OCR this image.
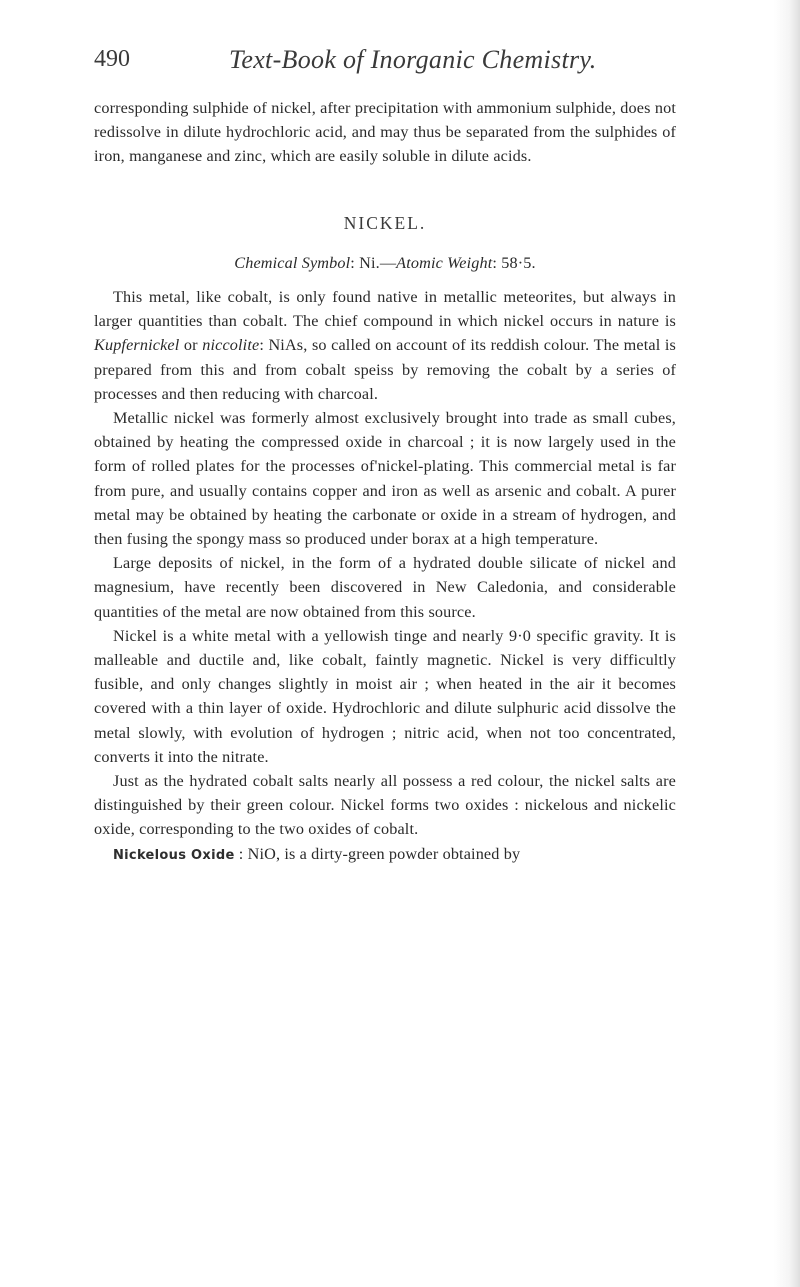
490	Text-Book of Inorganic Chemistry.

corresponding sulphide of nickel, after precipitation with ammonium sulphide, does not redissolve in dilute hydrochloric acid, and may thus be separated from the sulphides of iron, manganese and zinc, which are easily soluble in dilute acids.

NICKEL.
Chemical Symbol: Ni.—Atomic Weight: 58·5.

This metal, like cobalt, is only found native in metallic meteorites, but always in larger quantities than cobalt. The chief compound in which nickel occurs in nature is Kupfernickel or niccolite: NiAs, so called on account of its reddish colour. The metal is prepared from this and from cobalt speiss by removing the cobalt by a series of processes and then reducing with charcoal.

Metallic nickel was formerly almost exclusively brought into trade as small cubes, obtained by heating the compressed oxide in charcoal ; it is now largely used in the form of rolled plates for the processes of'nickel-plating. This commercial metal is far from pure, and usually contains copper and iron as well as arsenic and cobalt. A purer metal may be obtained by heating the carbonate or oxide in a stream of hydrogen, and then fusing the spongy mass so produced under borax at a high temperature.

Large deposits of nickel, in the form of a hydrated double silicate of nickel and magnesium, have recently been discovered in New Caledonia, and considerable quantities of the metal are now obtained from this source.

Nickel is a white metal with a yellowish tinge and nearly 9·0 specific gravity. It is malleable and ductile and, like cobalt, faintly magnetic. Nickel is very difficultly fusible, and only changes slightly in moist air ; when heated in the air it becomes covered with a thin layer of oxide. Hydrochloric and dilute sulphuric acid dissolve the metal slowly, with evolution of hydrogen ; nitric acid, when not too concentrated, converts it into the nitrate.

Just as the hydrated cobalt salts nearly all possess a red colour, the nickel salts are distinguished by their green colour. Nickel forms two oxides : nickelous and nickelic oxide, corresponding to the two oxides of cobalt.

Nickelous Oxide : NiO, is a dirty-green powder obtained by
